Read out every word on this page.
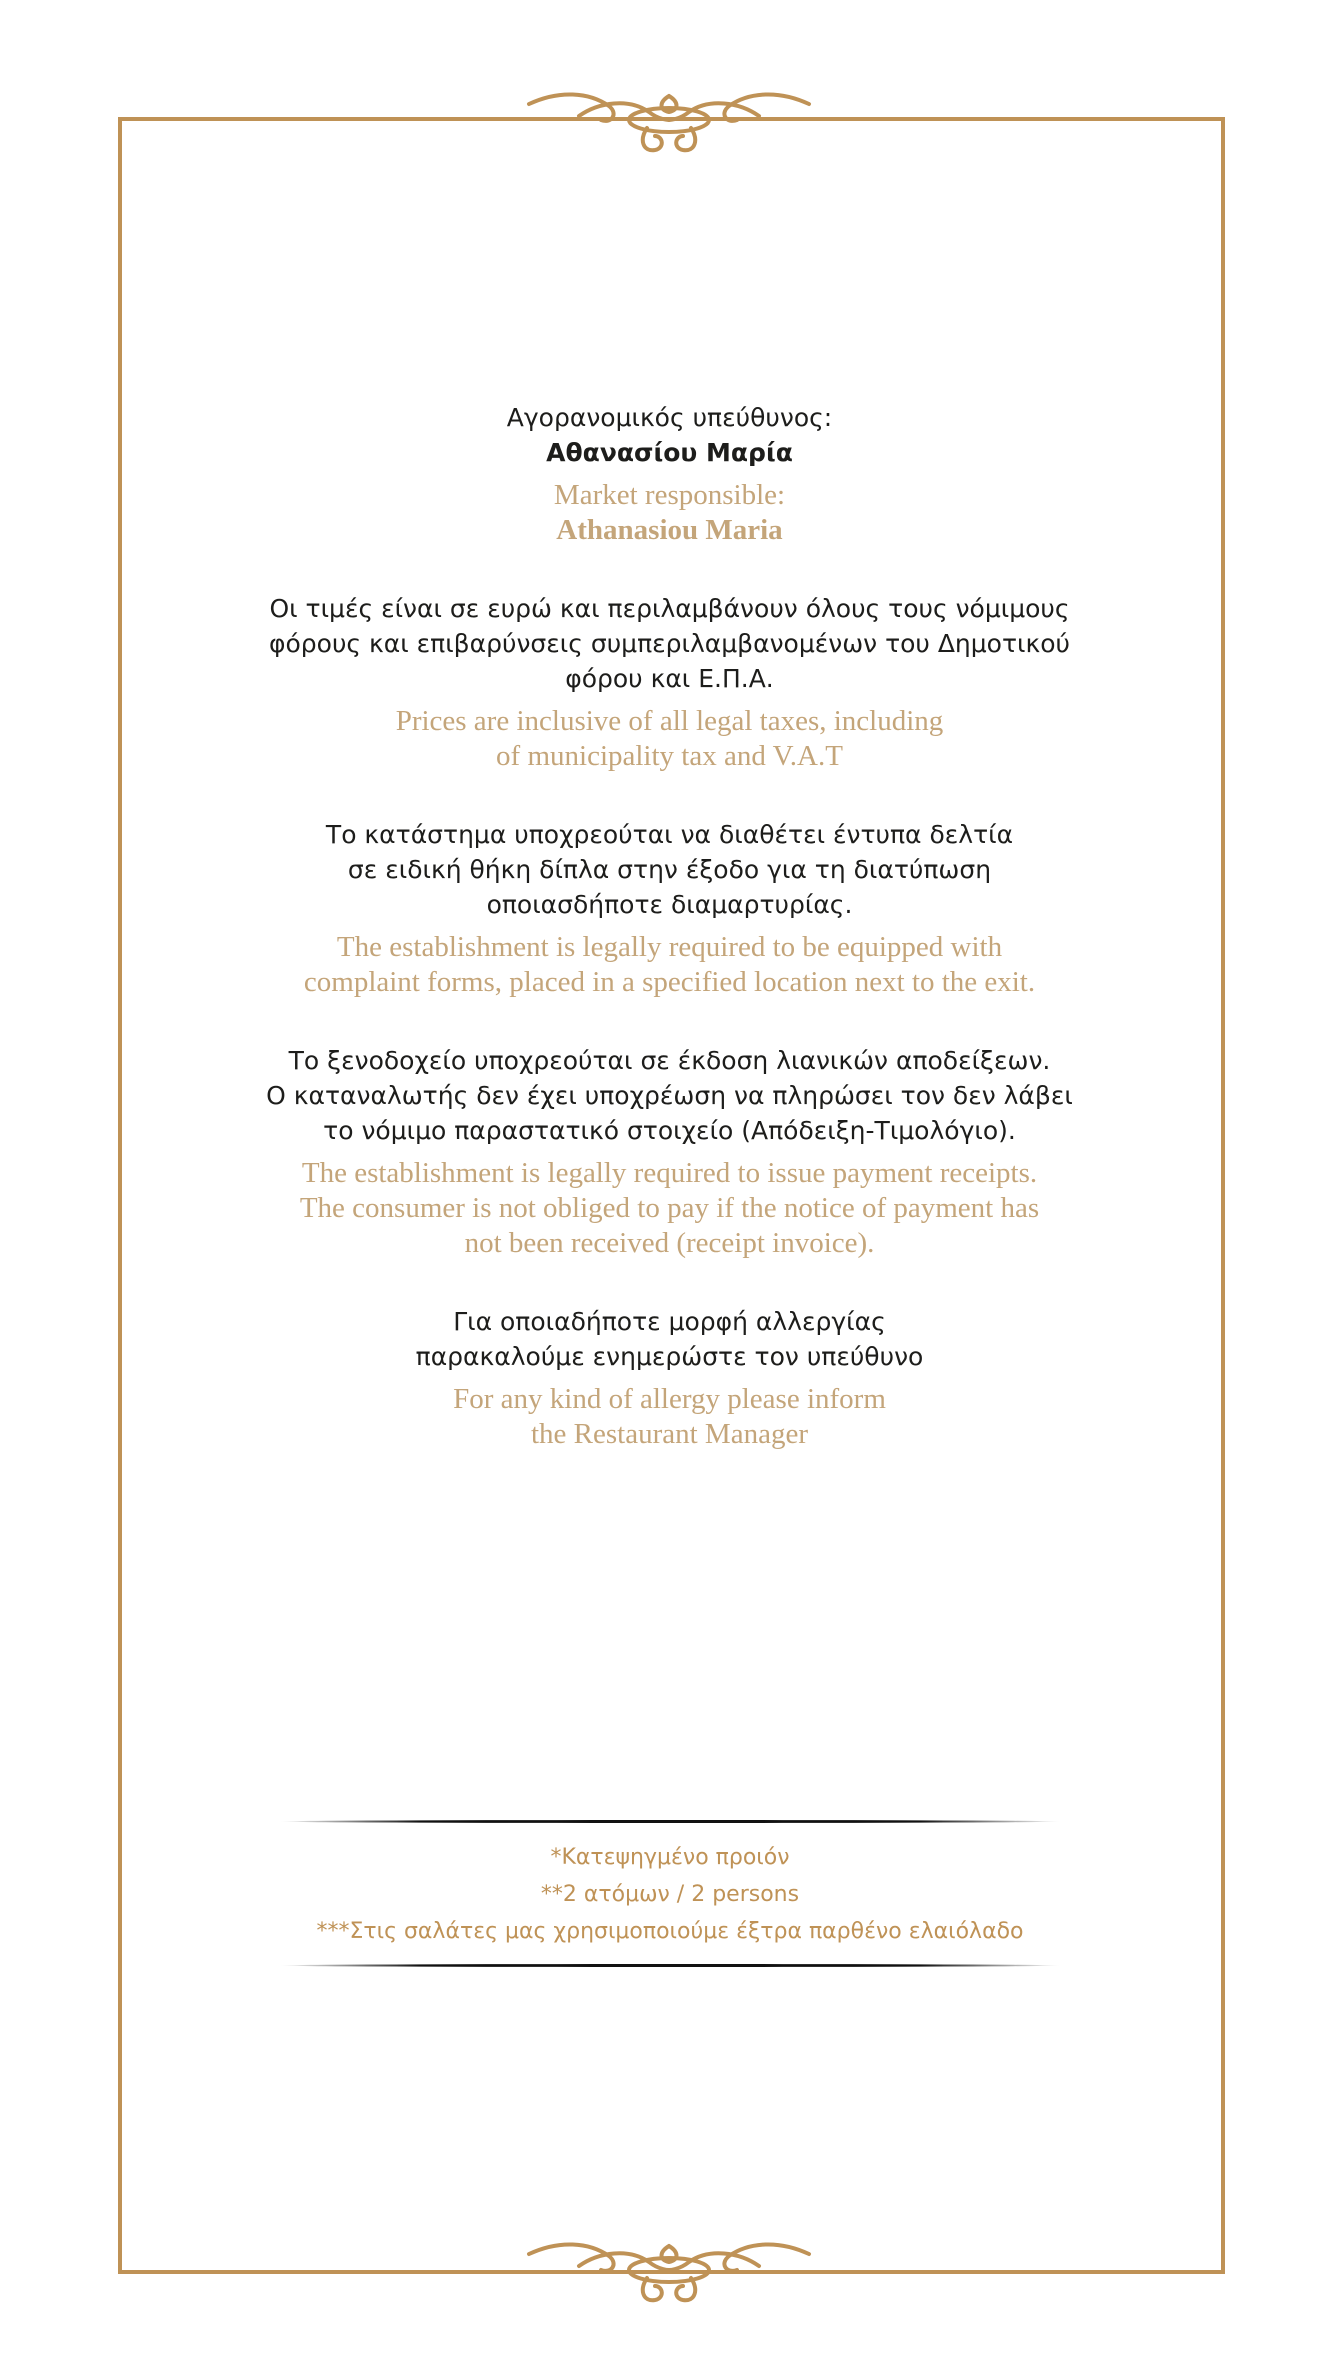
Αγορανομικός υπεύθυνος:

Αθανασίου Μαρία

Market responsible:

Athanasiou Maria

Οι τιμές είναι σε ευρώ και περιλαμβάνουν όλους τους νόμιμους

φόρους και επιβαρύνσεις συμπεριλαμβανομένων του Δημοτικού

φόρου και Ε.Π.Α.

Prices are inclusive of all legal taxes, including

of municipality tax and V.A.T

Το κατάστημα υποχρεούται να διαθέτει έντυπα δελτία

σε ειδική θήκη δίπλα στην έξοδο για τη διατύπωση

οποιασδήποτε διαμαρτυρίας.

The establishment is legally required to be equipped with

complaint forms, placed in a specified location next to the exit.

Το ξενοδοχείο υποχρεούται σε έκδοση λιανικών αποδείξεων.

Ο καταναλωτής δεν έχει υποχρέωση να πληρώσει τον δεν λάβει

το νόμιμο παραστατικό στοιχείο (Απόδειξη-Τιμολόγιο).

The establishment is legally required to issue payment receipts.

The consumer is not obliged to pay if the notice of payment has

not been received (receipt invoice).

Για οποιαδήποτε μορφή αλλεργίας

παρακαλούμε ενημερώστε τον υπεύθυνο

For any kind of allergy please inform

the Restaurant Manager

*Κατεψηγμένο προιόν

**2 ατόμων / 2 persons

***Στις σαλάτες μας χρησιμοποιούμε έξτρα παρθένο ελαιόλαδο
